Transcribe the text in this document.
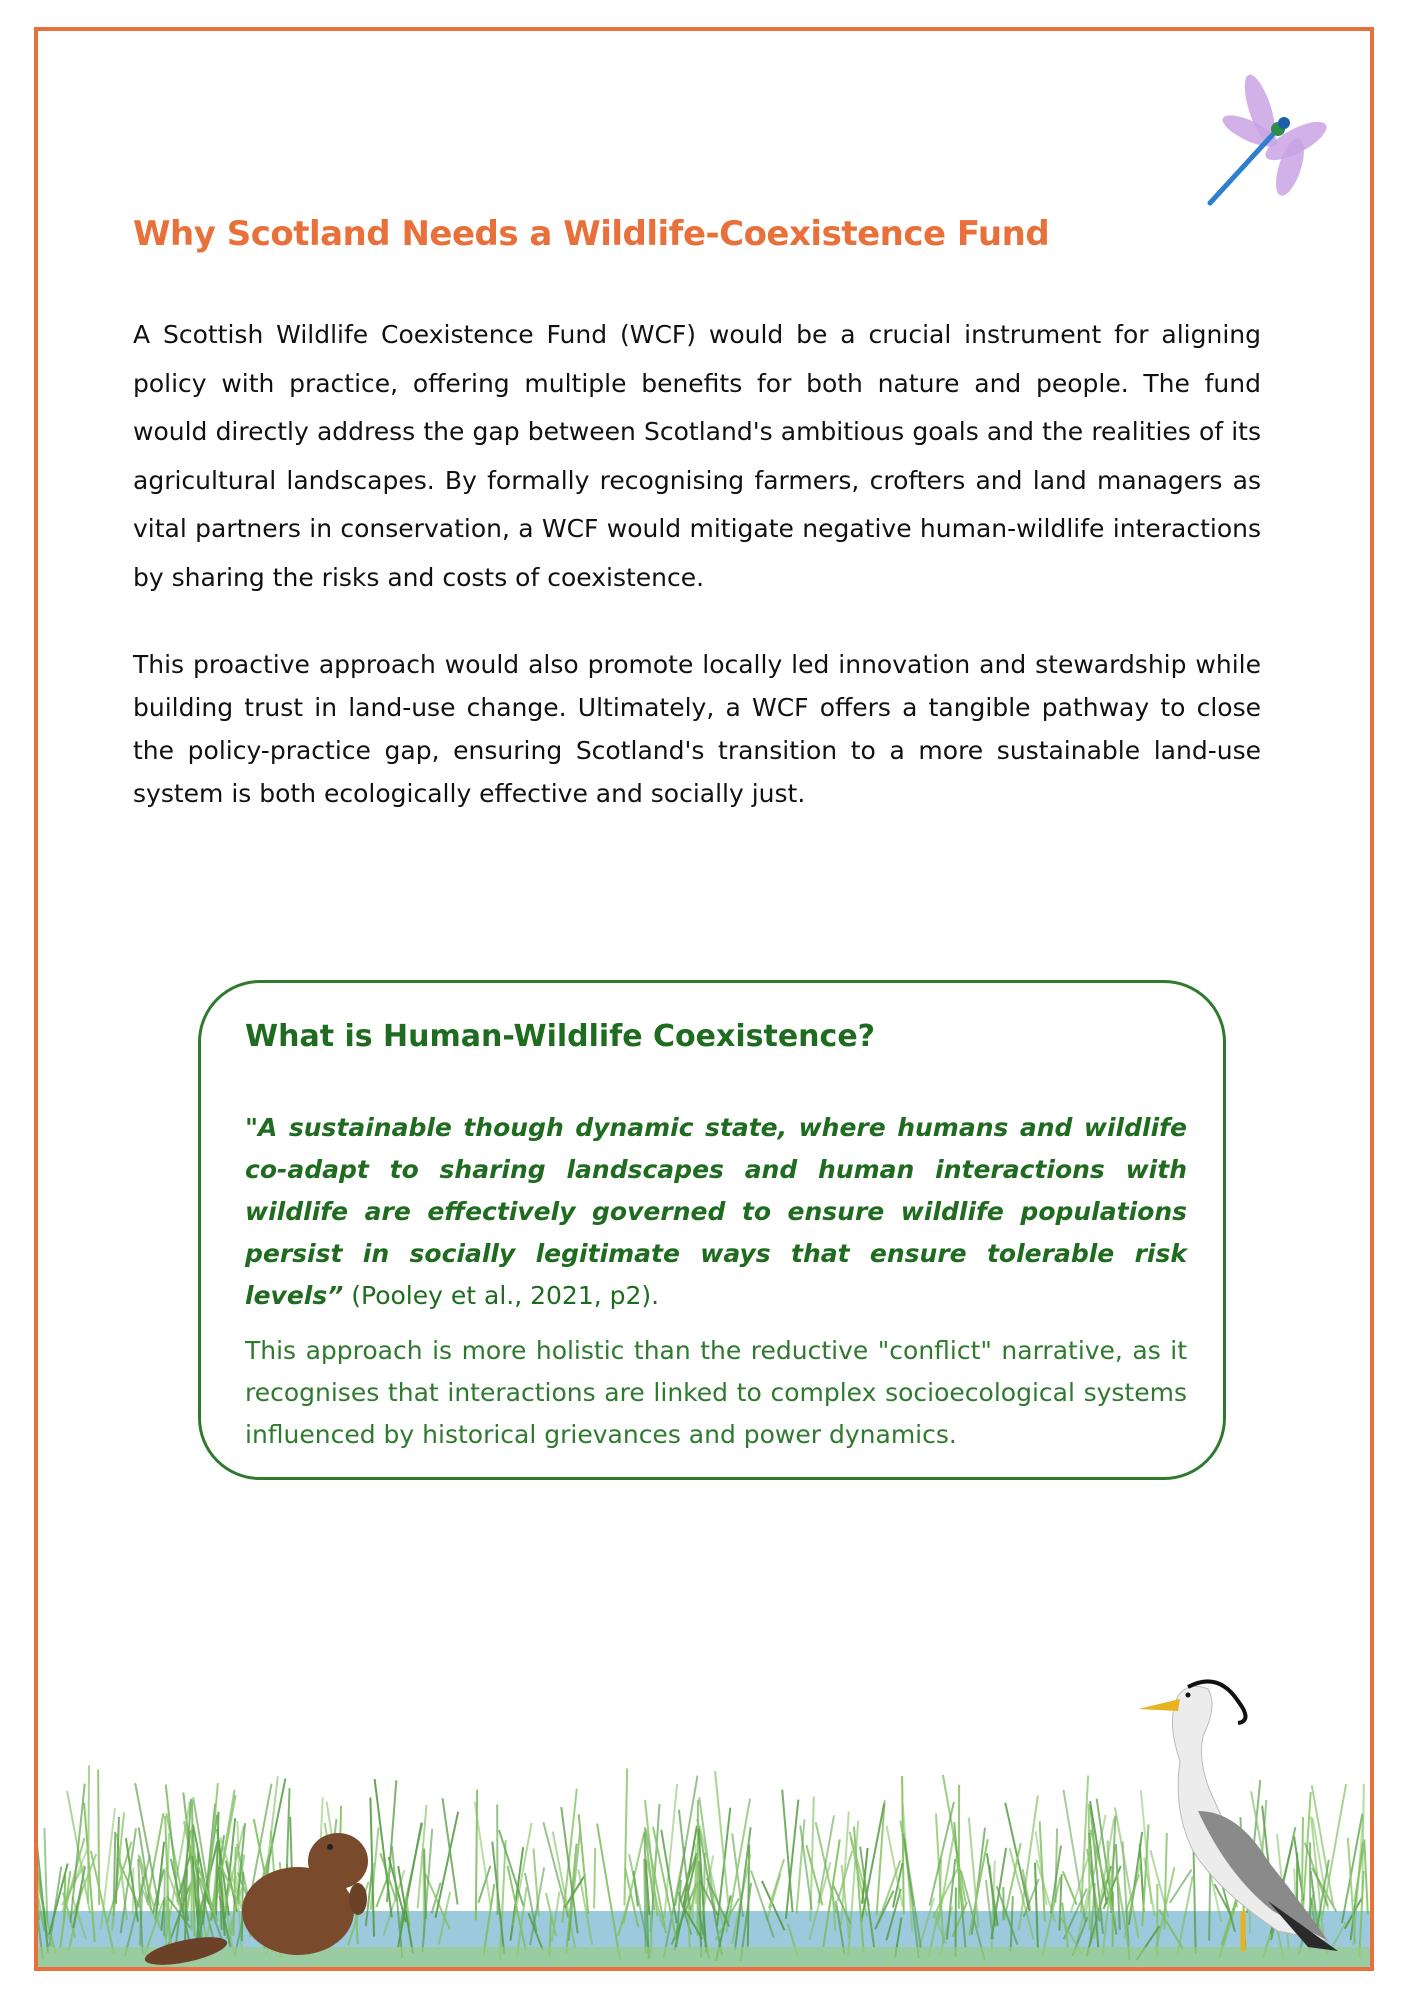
Why Scotland Needs a Wildlife-Coexistence Fund

A Scottish Wildlife Coexistence Fund (WCF) would be a crucial instrument for aligning policy with practice, offering multiple benefits for both nature and people. The fund would directly address the gap between Scotland's ambitious goals and the realities of its agricultural landscapes. By formally recognising farmers, crofters and land managers as vital partners in conservation, a WCF would mitigate negative human-wildlife interactions by sharing the risks and costs of coexistence.

This proactive approach would also promote locally led innovation and stewardship while building trust in land-use change. Ultimately, a WCF offers a tangible pathway to close the policy-practice gap, ensuring Scotland's transition to a more sustainable land-use system is both ecologically effective and socially just.

What is Human-Wildlife Coexistence?

"A sustainable though dynamic state, where humans and wildlife co-adapt to sharing landscapes and human interactions with wildlife are effectively governed to ensure wildlife populations persist in socially legitimate ways that ensure tolerable risk levels” (Pooley et al., 2021, p2).

This approach is more holistic than the reductive "conflict" narrative, as it recognises that interactions are linked to complex socioecological systems influenced by historical grievances and power dynamics.
